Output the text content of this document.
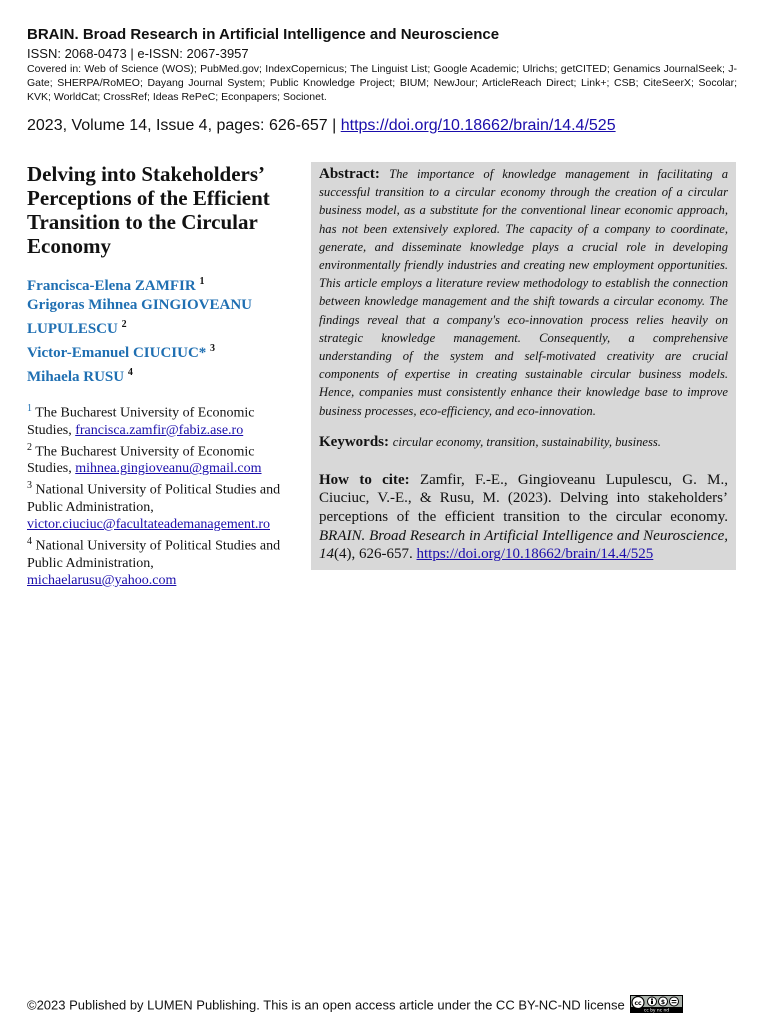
BRAIN. Broad Research in Artificial Intelligence and Neuroscience
ISSN: 2068-0473 | e-ISSN: 2067-3957
Covered in: Web of Science (WOS); PubMed.gov; IndexCopernicus; The Linguist List; Google Academic; Ulrichs; getCITED; Genamics JournalSeek; J-Gate; SHERPA/RoMEO; Dayang Journal System; Public Knowledge Project; BIUM; NewJour; ArticleReach Direct; Link+; CSB; CiteSeerX; Socolar; KVK; WorldCat; CrossRef; Ideas RePeC; Econpapers; Socionet.
2023, Volume 14, Issue 4, pages: 626-657 | https://doi.org/10.18662/brain/14.4/525
Delving into Stakeholders’ Perceptions of the Efficient Transition to the Circular Economy
Francisca-Elena ZAMFIR $^1$
Grigoras Mihnea GINGIOVEANU LUPULESCU $^2$
Victor-Emanuel CIUCIUC* $^3$
Mihaela RUSU $^4$
$^1$ The Bucharest University of Economic Studies, francisca.zamfir@fabiz.ase.ro
$^2$ The Bucharest University of Economic Studies, mihnea.gingioveanu@gmail.com
$^3$ National University of Political Studies and Public Administration,
victor.ciuciuc@facultateademanagement.ro
$^4$ National University of Political Studies and Public Administration,
michaelarusu@yahoo.com
Abstract: The importance of knowledge management in facilitating a successful transition to a circular economy through the creation of a circular business model, as a substitute for the conventional linear economic approach, has not been extensively explored. The capacity of a company to coordinate, generate, and disseminate knowledge plays a crucial role in developing environmentally friendly industries and creating new employment opportunities. This article employs a literature review methodology to establish the connection between knowledge management and the shift towards a circular economy. The findings reveal that a company's eco-innovation process relies heavily on strategic knowledge management. Consequently, a comprehensive understanding of the system and self-motivated creativity are crucial components of expertise in creating sustainable circular business models. Hence, companies must consistently enhance their knowledge base to improve business processes, eco-efficiency, and eco-innovation.
Keywords: circular economy, transition, sustainability, business.
How to cite: Zamfir, F.-E., Gingioveanu Lupulescu, G. M., Ciuciuc, V.-E., & Rusu, M. (2023). Delving into stakeholders’ perceptions of the efficient transition to the circular economy. BRAIN. Broad Research in Artificial Intelligence and Neuroscience, 14(4), 626-657. https://doi.org/10.18662/brain/14.4/525
©2023 Published by LUMEN Publishing. This is an open access article under the CC BY-NC-ND license cc	$
cc by nc nd
